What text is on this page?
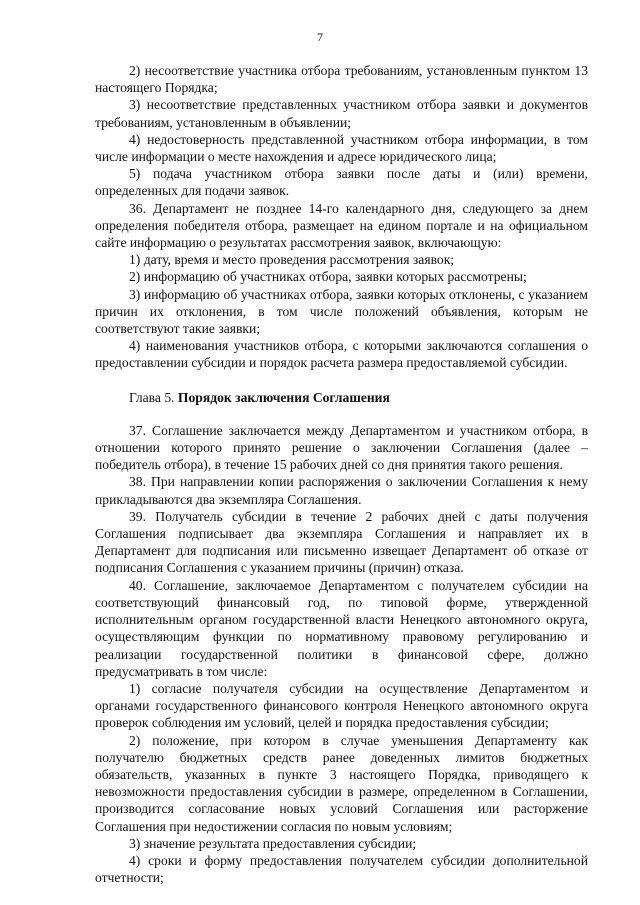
7

2) несоответствие участника отбора требованиям, установленным пунктом 13 настоящего Порядка;

3) несоответствие представленных участником отбора заявки и документов требованиям, установленным в объявлении;

4) недостоверность представленной участником отбора информации, в том числе информации о месте нахождения и адресе юридического лица;

5) подача участником отбора заявки после даты и (или) времени, определенных для подачи заявок.

36. Департамент не позднее 14-го календарного дня, следующего за днем определения победителя отбора, размещает на едином портале и на официальном сайте информацию о результатах рассмотрения заявок, включающую:

1) дату, время и место проведения рассмотрения заявок;

2) информацию об участниках отбора, заявки которых рассмотрены;

3) информацию об участниках отбора, заявки которых отклонены, с указанием причин их отклонения, в том числе положений объявления, которым не соответствуют такие заявки;

4) наименования участников отбора, с которыми заключаются соглашения о предоставлении субсидии и порядок расчета размера предоставляемой субсидии.

Глава 5. Порядок заключения Соглашения

37. Соглашение заключается между Департаментом и участником отбора, в отношении которого принято решение о заключении Соглашения (далее – победитель отбора), в течение 15 рабочих дней со дня принятия такого решения.

38. При направлении копии распоряжения о заключении Соглашения к нему прикладываются два экземпляра Соглашения.

39. Получатель субсидии в течение 2 рабочих дней с даты получения Соглашения подписывает два экземпляра Соглашения и направляет их в Департамент для подписания или письменно извещает Департамент об отказе от подписания Соглашения с указанием причины (причин) отказа.

40. Соглашение, заключаемое Департаментом с получателем субсидии на соответствующий финансовый год, по типовой форме, утвержденной исполнительным органом государственной власти Ненецкого автономного округа, осуществляющим функции по нормативному правовому регулированию и реализации государственной политики в финансовой сфере, должно предусматривать в том числе:

1) согласие получателя субсидии на осуществление Департаментом и органами государственного финансового контроля Ненецкого автономного округа проверок соблюдения им условий, целей и порядка предоставления субсидии;

2) положение, при котором в случае уменьшения Департаменту как получателю бюджетных средств ранее доведенных лимитов бюджетных обязательств, указанных в пункте 3 настоящего Порядка, приводящего к невозможности предоставления субсидии в размере, определенном в Соглашении, производится согласование новых условий Соглашения или расторжение Соглашения при недостижении согласия по новым условиям;

3) значение результата предоставления субсидии;

4) сроки и форму предоставления получателем субсидии дополнительной отчетности;
